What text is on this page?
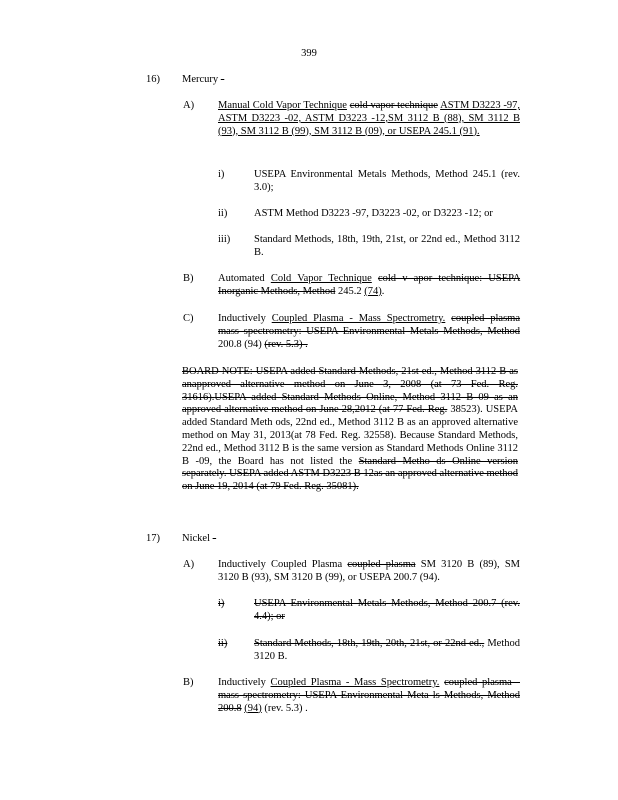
399
16) Mercury -
A) Manual Cold Vapor Technique cold vapor technique ASTM D3223 -97, ASTM D3223 -02, ASTM D3223 -12,SM 3112 B (88), SM 3112 B (93), SM 3112 B (99), SM 3112 B (09), or USEPA 245.1 (91).
i)	USEPA Environmental Metals Methods, Method 245.1 (rev. 3.0);
ii)	ASTM Method D3223 -97, D3223 -02, or D3223 -12; or
iii) Standard Methods, 18th, 19th, 21st, or 22nd ed., Method 3112 B.
B) Automated Cold Vapor Technique cold v apor technique: USEPA Inorganic Methods, Method 245.2 (74).
C) Inductively Coupled Plasma - Mass Spectrometry. coupled plasma mass spectrometry: USEPA Environmental Metals Methods, Method 200.8 (94) (rev. 5.3) .
BOARD NOTE: USEPA added Standard Methods, 21st ed., Method 3112 B as anapproved alternative method on June 3, 2008 (at 73 Fed. Reg. 31616).USEPA added Standard Methods Online, Method 3112 B 09 as an approved alternative method on June 28,2012 (at 77 Fed. Reg. 38523). USEPA added Standard Meth ods, 22nd ed., Method 3112 B as an approved alternative method on May 31, 2013(at 78 Fed. Reg. 32558). Because Standard Methods, 22nd ed., Method 3112 B is the same version as Standard Methods Online 3112 B -09, the Board has not listed the Standard Metho ds Online version separately. USEPA added ASTM D3223 B 12as an approved alternative method on June 19, 2014 (at 79 Fed. Reg. 35081).
17) Nickel -
A) Inductively Coupled Plasma coupled plasma SM 3120 B (89), SM 3120 B (93), SM 3120 B (99), or USEPA 200.7 (94).
i)	USEPA Environmental Metals Methods, Method 200.7 (rev. 4.4); or
ii)	Standard Methods, 18th, 19th, 20th, 21st, or 22nd ed., Method 3120 B.
B) Inductively Coupled Plasma - Mass Spectrometry. coupled plasma - mass spectrometry: USEPA Environmental Meta ls Methods, Method 200.8 (94) (rev. 5.3) .
